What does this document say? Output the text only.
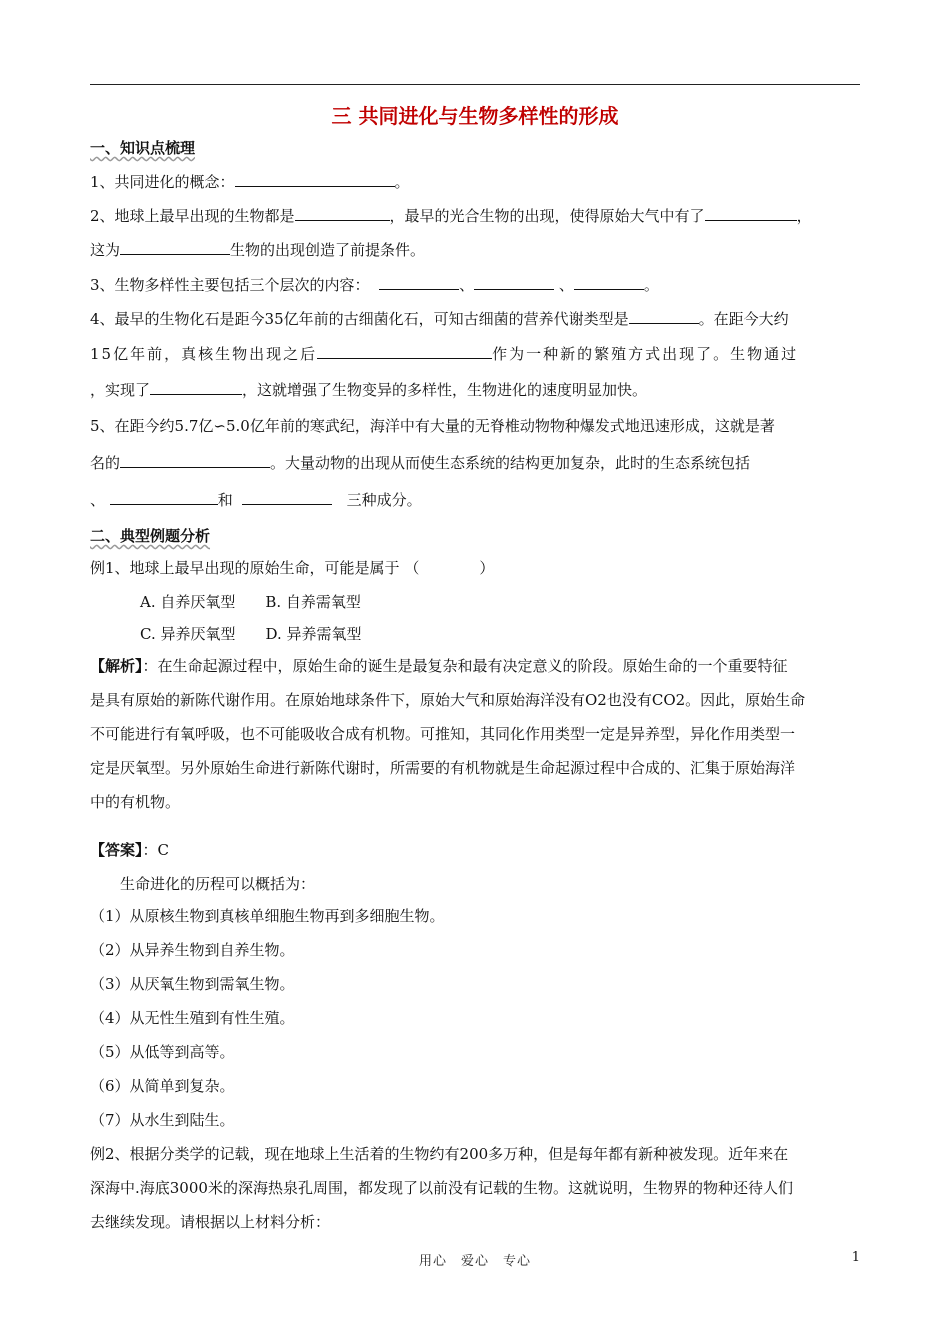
三 共同进化与生物多样性的形成
一、知识点梳理
1、共同进化的概念：	。
2、地球上最早出现的生物都是	，最早的光合生物的出现，使得原始大气中有了	，
这为	生物的出现创造了前提条件。
3、生物多样性主要包括三个层次的内容：	、	、	。
4、最早的生物化石是距今35亿年前的古细菌化石，可知古细菌的营养代谢类型是	。在距今大约
15亿年前，真核生物出现之后	作为一种新的繁殖方式出现了。生物通过
，实现了	，这就增强了生物变异的多样性，生物进化的速度明显加快。
5、在距今约5.7亿∽5.0亿年前的寒武纪，海洋中有大量的无脊椎动物物种爆发式地迅速形成，这就是著
名的	。大量动物的出现从而使生态系统的结构更加复杂，此时的生态系统包括
、	和	三种成分。
二、典型例题分析
例1、地球上最早出现的原始生命，可能是属于 （　　　　）
A. 自养厌氧型 B. 自养需氧型
C. 异养厌氧型 D. 异养需氧型
【解析】：在生命起源过程中，原始生命的诞生是最复杂和最有决定意义的阶段。原始生命的一个重要特征
是具有原始的新陈代谢作用。在原始地球条件下，原始大气和原始海洋没有O2也没有CO2。因此，原始生命
不可能进行有氧呼吸，也不可能吸收合成有机物。可推知，其同化作用类型一定是异养型，异化作用类型一
定是厌氧型。另外原始生命进行新陈代谢时，所需要的有机物就是生命起源过程中合成的、汇集于原始海洋
中的有机物。
【答案】：C
生命进化的历程可以概括为：
（1）从原核生物到真核单细胞生物再到多细胞生物。
（2）从异养生物到自养生物。
（3）从厌氧生物到需氧生物。
（4）从无性生殖到有性生殖。
（5）从低等到高等。
（6）从简单到复杂。
（7）从水生到陆生。
例2、根据分类学的记载，现在地球上生活着的生物约有200多万种，但是每年都有新种被发现。近年来在
深海中.海底3000米的深海热泉孔周围，都发现了以前没有记载的生物。这就说明，生物界的物种还待人们
去继续发现。请根据以上材料分析：
用心　爱心　专心	1
